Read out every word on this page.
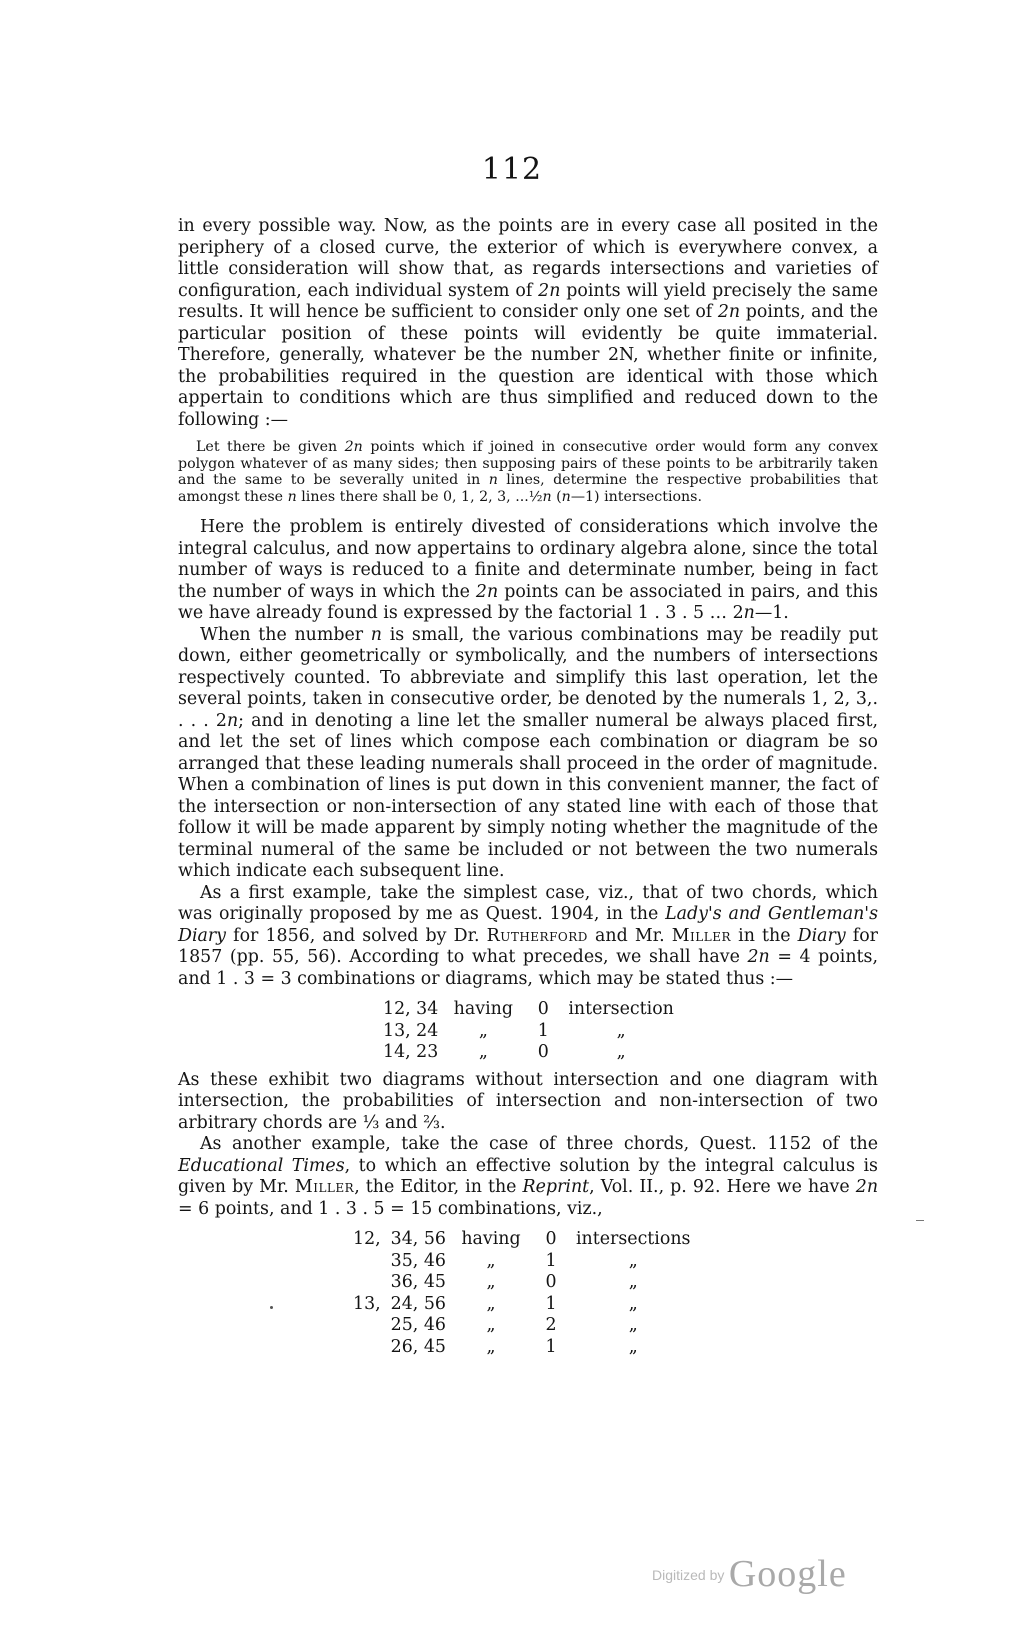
112

in every possible way. Now, as the points are in every case all posited in the periphery of a closed curve, the exterior of which is everywhere convex, a little consideration will show that, as regards intersections and varieties of configuration, each individual system of 2n points will yield precisely the same results. It will hence be sufficient to consider only one set of 2n points, and the particular position of these points will evidently be quite immaterial. Therefore, generally, whatever be the number 2N, whether finite or infinite, the probabilities required in the question are identical with those which appertain to conditions which are thus simplified and reduced down to the following :—

Let there be given 2n points which if joined in consecutive order would form any convex polygon whatever of as many sides; then supposing pairs of these points to be arbitrarily taken and the same to be severally united in n lines, determine the respective probabilities that amongst these n lines there shall be 0, 1, 2, 3, ...½n (n—1) intersections.

Here the problem is entirely divested of considerations which involve the integral calculus, and now appertains to ordinary algebra alone, since the total number of ways is reduced to a finite and determinate number, being in fact the number of ways in which the 2n points can be associated in pairs, and this we have already found is expressed by the factorial 1 . 3 . 5 … 2n—1.

When the number n is small, the various combinations may be readily put down, either geometrically or symbolically, and the numbers of intersections respectively counted. To abbreviate and simplify this last operation, let the several points, taken in consecutive order, be denoted by the numerals 1, 2, 3,. . . . 2n; and in denoting a line let the smaller numeral be always placed first, and let the set of lines which compose each combination or diagram be so arranged that these leading numerals shall proceed in the order of magnitude. When a combination of lines is put down in this convenient manner, the fact of the intersection or non-intersection of any stated line with each of those that follow it will be made apparent by simply noting whether the magnitude of the terminal numeral of the same be included or not between the two numerals which indicate each subsequent line.

As a first example, take the simplest case, viz., that of two chords, which was originally proposed by me as Quest. 1904, in the Lady's and Gentleman's Diary for 1856, and solved by Dr. Rutherford and Mr. Miller in the Diary for 1857 (pp. 55, 56). According to what precedes, we shall have 2n = 4 points, and 1 . 3 = 3 combinations or diagrams, which may be stated thus :—

12, 34	having	0	intersection
13, 24	„	1	„
14, 23	„	0	„

As these exhibit two diagrams without intersection and one diagram with intersection, the probabilities of intersection and non-intersection of two arbitrary chords are ⅓ and ⅔.

As another example, take the case of three chords, Quest. 1152 of the Educational Times, to which an effective solution by the integral calculus is given by Mr. Miller, the Editor, in the Reprint, Vol. II., p. 92. Here we have 2n = 6 points, and 1 . 3 . 5 = 15 combinations, viz.,

12,	34, 56	having	0	intersections
	35, 46	„	1	„
	36, 45	„	0	„
13,	24, 56	„	1	„
	25, 46	„	2	„
	26, 45	„	1	„
Digitized by Google
